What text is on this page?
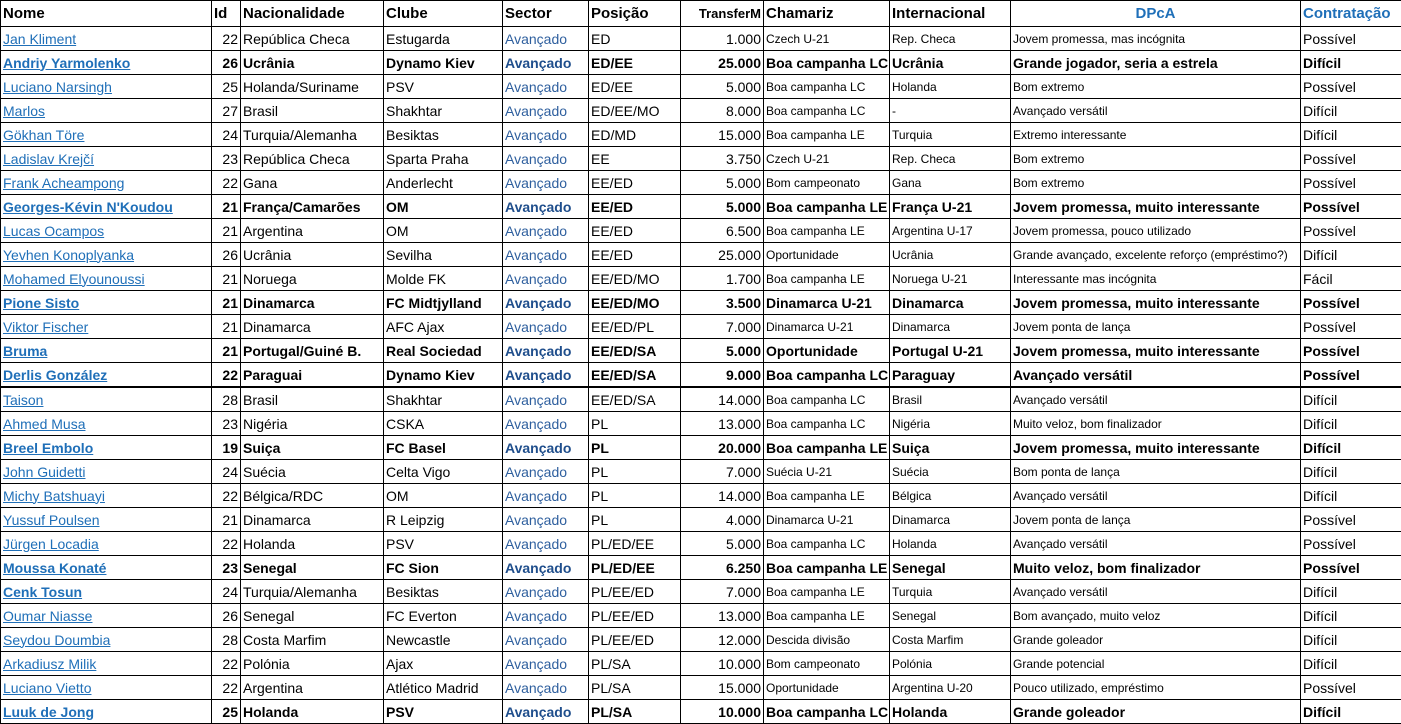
Nome	Id	Nacionalidade	Clube	Sector	Posição	TransferM	Chamariz	Internacional	DPcA	Contratação
Jan Kliment	22	República Checa	Estugarda	Avançado	ED	1.000	Czech U-21	Rep. Checa	Jovem promessa, mas incógnita	Possível
Andriy Yarmolenko	26	Ucrânia	Dynamo Kiev	Avançado	ED/EE	25.000	Boa campanha LC	Ucrânia	Grande jogador, seria a estrela	Difícil
Luciano Narsingh	25	Holanda/Suriname	PSV	Avançado	ED/EE	5.000	Boa campanha LC	Holanda	Bom extremo	Possível
Marlos	27	Brasil	Shakhtar	Avançado	ED/EE/MO	8.000	Boa campanha LC	-	Avançado versátil	Difícil
Gökhan Töre	24	Turquia/Alemanha	Besiktas	Avançado	ED/MD	15.000	Boa campanha LE	Turquia	Extremo interessante	Difícil
Ladislav Krejčí	23	República Checa	Sparta Praha	Avançado	EE	3.750	Czech U-21	Rep. Checa	Bom extremo	Possível
Frank Acheampong	22	Gana	Anderlecht	Avançado	EE/ED	5.000	Bom campeonato	Gana	Bom extremo	Possível
Georges-Kévin N'Koudou	21	França/Camarões	OM	Avançado	EE/ED	5.000	Boa campanha LE	França U-21	Jovem promessa, muito interessante	Possível
Lucas Ocampos	21	Argentina	OM	Avançado	EE/ED	6.500	Boa campanha LE	Argentina U-17	Jovem promessa, pouco utilizado	Possível
Yevhen Konoplyanka	26	Ucrânia	Sevilha	Avançado	EE/ED	25.000	Oportunidade	Ucrânia	Grande avançado, excelente reforço (empréstimo?)	Difícil
Mohamed Elyounoussi	21	Noruega	Molde FK	Avançado	EE/ED/MO	1.700	Boa campanha LE	Noruega U-21	Interessante mas incógnita	Fácil
Pione Sisto	21	Dinamarca	FC Midtjylland	Avançado	EE/ED/MO	3.500	Dinamarca U-21	Dinamarca	Jovem promessa, muito interessante	Possível
Viktor Fischer	21	Dinamarca	AFC Ajax	Avançado	EE/ED/PL	7.000	Dinamarca U-21	Dinamarca	Jovem ponta de lança	Possível
Bruma	21	Portugal/Guiné B.	Real Sociedad	Avançado	EE/ED/SA	5.000	Oportunidade	Portugal U-21	Jovem promessa, muito interessante	Possível
Derlis González	22	Paraguai	Dynamo Kiev	Avançado	EE/ED/SA	9.000	Boa campanha LC	Paraguay	Avançado versátil	Possível
Taison	28	Brasil	Shakhtar	Avançado	EE/ED/SA	14.000	Boa campanha LC	Brasil	Avançado versátil	Difícil
Ahmed Musa	23	Nigéria	CSKA	Avançado	PL	13.000	Boa campanha LC	Nigéria	Muito veloz, bom finalizador	Difícil
Breel Embolo	19	Suiça	FC Basel	Avançado	PL	20.000	Boa campanha LE	Suiça	Jovem promessa, muito interessante	Difícil
John Guidetti	24	Suécia	Celta Vigo	Avançado	PL	7.000	Suécia U-21	Suécia	Bom ponta de lança	Difícil
Michy Batshuayi	22	Bélgica/RDC	OM	Avançado	PL	14.000	Boa campanha LE	Bélgica	Avançado versátil	Difícil
Yussuf Poulsen	21	Dinamarca	R Leipzig	Avançado	PL	4.000	Dinamarca U-21	Dinamarca	Jovem ponta de lança	Possível
Jürgen Locadia	22	Holanda	PSV	Avançado	PL/ED/EE	5.000	Boa campanha LC	Holanda	Avançado versátil	Possível
Moussa Konaté	23	Senegal	FC Sion	Avançado	PL/ED/EE	6.250	Boa campanha LE	Senegal	Muito veloz, bom finalizador	Possível
Cenk Tosun	24	Turquia/Alemanha	Besiktas	Avançado	PL/EE/ED	7.000	Boa campanha LE	Turquia	Avançado versátil	Difícil
Oumar Niasse	26	Senegal	FC Everton	Avançado	PL/EE/ED	13.000	Boa campanha LE	Senegal	Bom avançado, muito veloz	Difícil
Seydou Doumbia	28	Costa Marfim	Newcastle	Avançado	PL/EE/ED	12.000	Descida divisão	Costa Marfim	Grande goleador	Difícil
Arkadiusz Milik	22	Polónia	Ajax	Avançado	PL/SA	10.000	Bom campeonato	Polónia	Grande potencial	Difícil
Luciano Vietto	22	Argentina	Atlético Madrid	Avançado	PL/SA	15.000	Oportunidade	Argentina U-20	Pouco utilizado, empréstimo	Possível
Luuk de Jong	25	Holanda	PSV	Avançado	PL/SA	10.000	Boa campanha LC	Holanda	Grande goleador	Difícil
